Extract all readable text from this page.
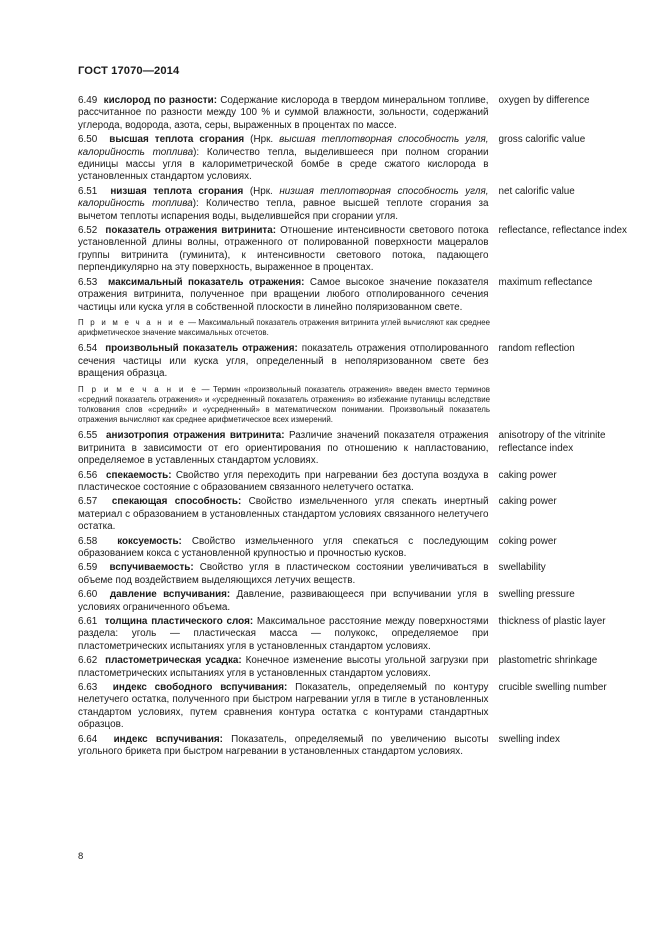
ГОСТ 17070—2014
6.49 кислород по разности: Содержание кислорода в твердом минеральном топливе, рассчитанное по разности между 100 % и суммой влажности, зольности, содержаний углерода, водорода, азота, серы, выраженных в процентах по массе.
oxygen by difference
6.50 высшая теплота сгорания (Нрк. высшая теплотворная способность угля, калорийность топлива): Количество тепла, выделившееся при полном сгорании единицы массы угля в калориметрической бомбе в среде сжатого кислорода в установленных стандартом условиях.
gross calorific value
6.51 низшая теплота сгорания (Нрк. низшая теплотворная способность угля, калорийность топлива): Количество тепла, равное высшей теплоте сгорания за вычетом теплоты испарения воды, выделившейся при сгорании угля.
net calorific value
6.52 показатель отражения витринита: Отношение интенсивности светового потока установленной длины волны, отраженного от полированной поверхности мацералов группы витринита (гуминита), к интенсивности светового потока, падающего перпендикулярно на эту поверхность, выраженное в процентах.
reflectance, reflectance index
6.53 максимальный показатель отражения: Самое высокое значение показателя отражения витринита, полученное при вращении любого отполированного сечения частицы или куска угля в собственной плоскости в линейно поляризованном свете.
maximum reflectance
П р и м е ч а н и е — Максимальный показатель отражения витринита углей вычисляют как среднее арифметическое значение максимальных отсчетов.
6.54 произвольный показатель отражения: показатель отражения отполированного сечения частицы или куска угля, определенный в неполяризованном свете без вращения образца.
random reflection
П р и м е ч а н и е — Термин «произвольный показатель отражения» введен вместо терминов «средний показатель отражения» и «усредненный показатель отражения» во избежание путаницы вследствие толкования слов «средний» и «усредненный» в математическом понимании. Произвольный показатель отражения вычисляют как среднее арифметическое всех измерений.
6.55 анизотропия отражения витринита: Различие значений показателя отражения витринита в зависимости от его ориентирования по отношению к напластованию, определяемое в уставленных стандартом условиях.
anisotropy of the vitrinite reflectance index
6.56 спекаемость: Свойство угля переходить при нагревании без доступа воздуха в пластическое состояние с образованием связанного нелетучего остатка.
caking power
6.57 спекающая способность: Свойство измельченного угля спекать инертный материал с образованием в установленных стандартом условиях связанного нелетучего остатка.
caking power
6.58 коксуемость: Свойство измельченного угля спекаться с последующим образованием кокса с установленной крупностью и прочностью кусков.
coking power
6.59 вспучиваемость: Свойство угля в пластическом состоянии увеличиваться в объеме под воздействием выделяющихся летучих веществ.
swellability
6.60 давление вспучивания: Давление, развивающееся при вспучивании угля в условиях ограниченного объема.
swelling pressure
6.61 толщина пластического слоя: Максимальное расстояние между поверхностями раздела: уголь — пластическая масса — полукокс, определяемое при пластометрических испытаниях угля в установленных стандартом условиях.
thickness of plastic layer
6.62 пластометрическая усадка: Конечное изменение высоты угольной загрузки при пластометрических испытаниях угля в установленных стандартом условиях.
plastometric shrinkage
6.63 индекс свободного вспучивания: Показатель, определяемый по контуру нелетучего остатка, полученного при быстром нагревании угля в тигле в установленных стандартом условиях, путем сравнения контура остатка с контурами стандартных образцов.
crucible swelling number
6.64 индекс вспучивания: Показатель, определяемый по увеличению высоты угольного брикета при быстром нагревании в установленных стандартом условиях.
swelling index
8
